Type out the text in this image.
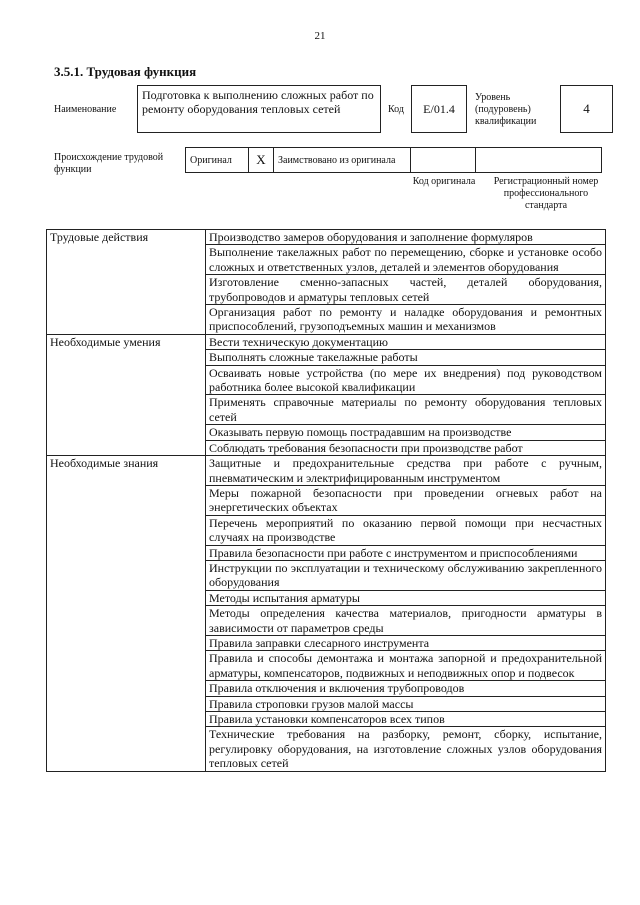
21
3.5.1. Трудовая функция
Наименование
Подготовка к выполнению сложных работ по ремонту оборудования тепловых сетей	Код E/01.4
Уровень (подуровень) квалификации
4
Происхождение трудовой функции
Оригинал	X	Заимствовано из оригинала		
Код оригинала	Регистрационный номер профессионального стандарта
Трудовые действия	Производство замеров оборудования и заполнение формуляров
	Выполнение такелажных работ по перемещению, сборке и установке особо сложных и ответственных узлов, деталей и элементов оборудования
	Изготовление сменно-запасных частей, деталей оборудования, трубопроводов и арматуры тепловых сетей
	Организация работ по ремонту и наладке оборудования и ремонтных приспособлений, грузоподъемных машин и механизмов
Необходимые умения	Вести техническую документацию
	Выполнять сложные такелажные работы
	Осваивать новые устройства (по мере их внедрения) под руководством работника более высокой квалификации
	Применять справочные материалы по ремонту оборудования тепловых сетей
	Оказывать первую помощь пострадавшим на производстве
	Соблюдать требования безопасности при производстве работ
Необходимые знания	Защитные и предохранительные средства при работе с ручным, пневматическим и электрифицированным инструментом
	Меры пожарной безопасности при проведении огневых работ на энергетических объектах
	Перечень мероприятий по оказанию первой помощи при несчастных случаях на производстве
	Правила безопасности при работе с инструментом и приспособлениями
	Инструкции по эксплуатации и техническому обслуживанию закрепленного оборудования
	Методы испытания арматуры
	Методы определения качества материалов, пригодности арматуры в зависимости от параметров среды
	Правила заправки слесарного инструмента
	Правила и способы демонтажа и монтажа запорной и предохранительной арматуры, компенсаторов, подвижных и неподвижных опор и подвесок
	Правила отключения и включения трубопроводов
	Правила строповки грузов малой массы
	Правила установки компенсаторов всех типов
	Технические требования на разборку, ремонт, сборку, испытание, регулировку оборудования, на изготовление сложных узлов оборудования тепловых сетей
